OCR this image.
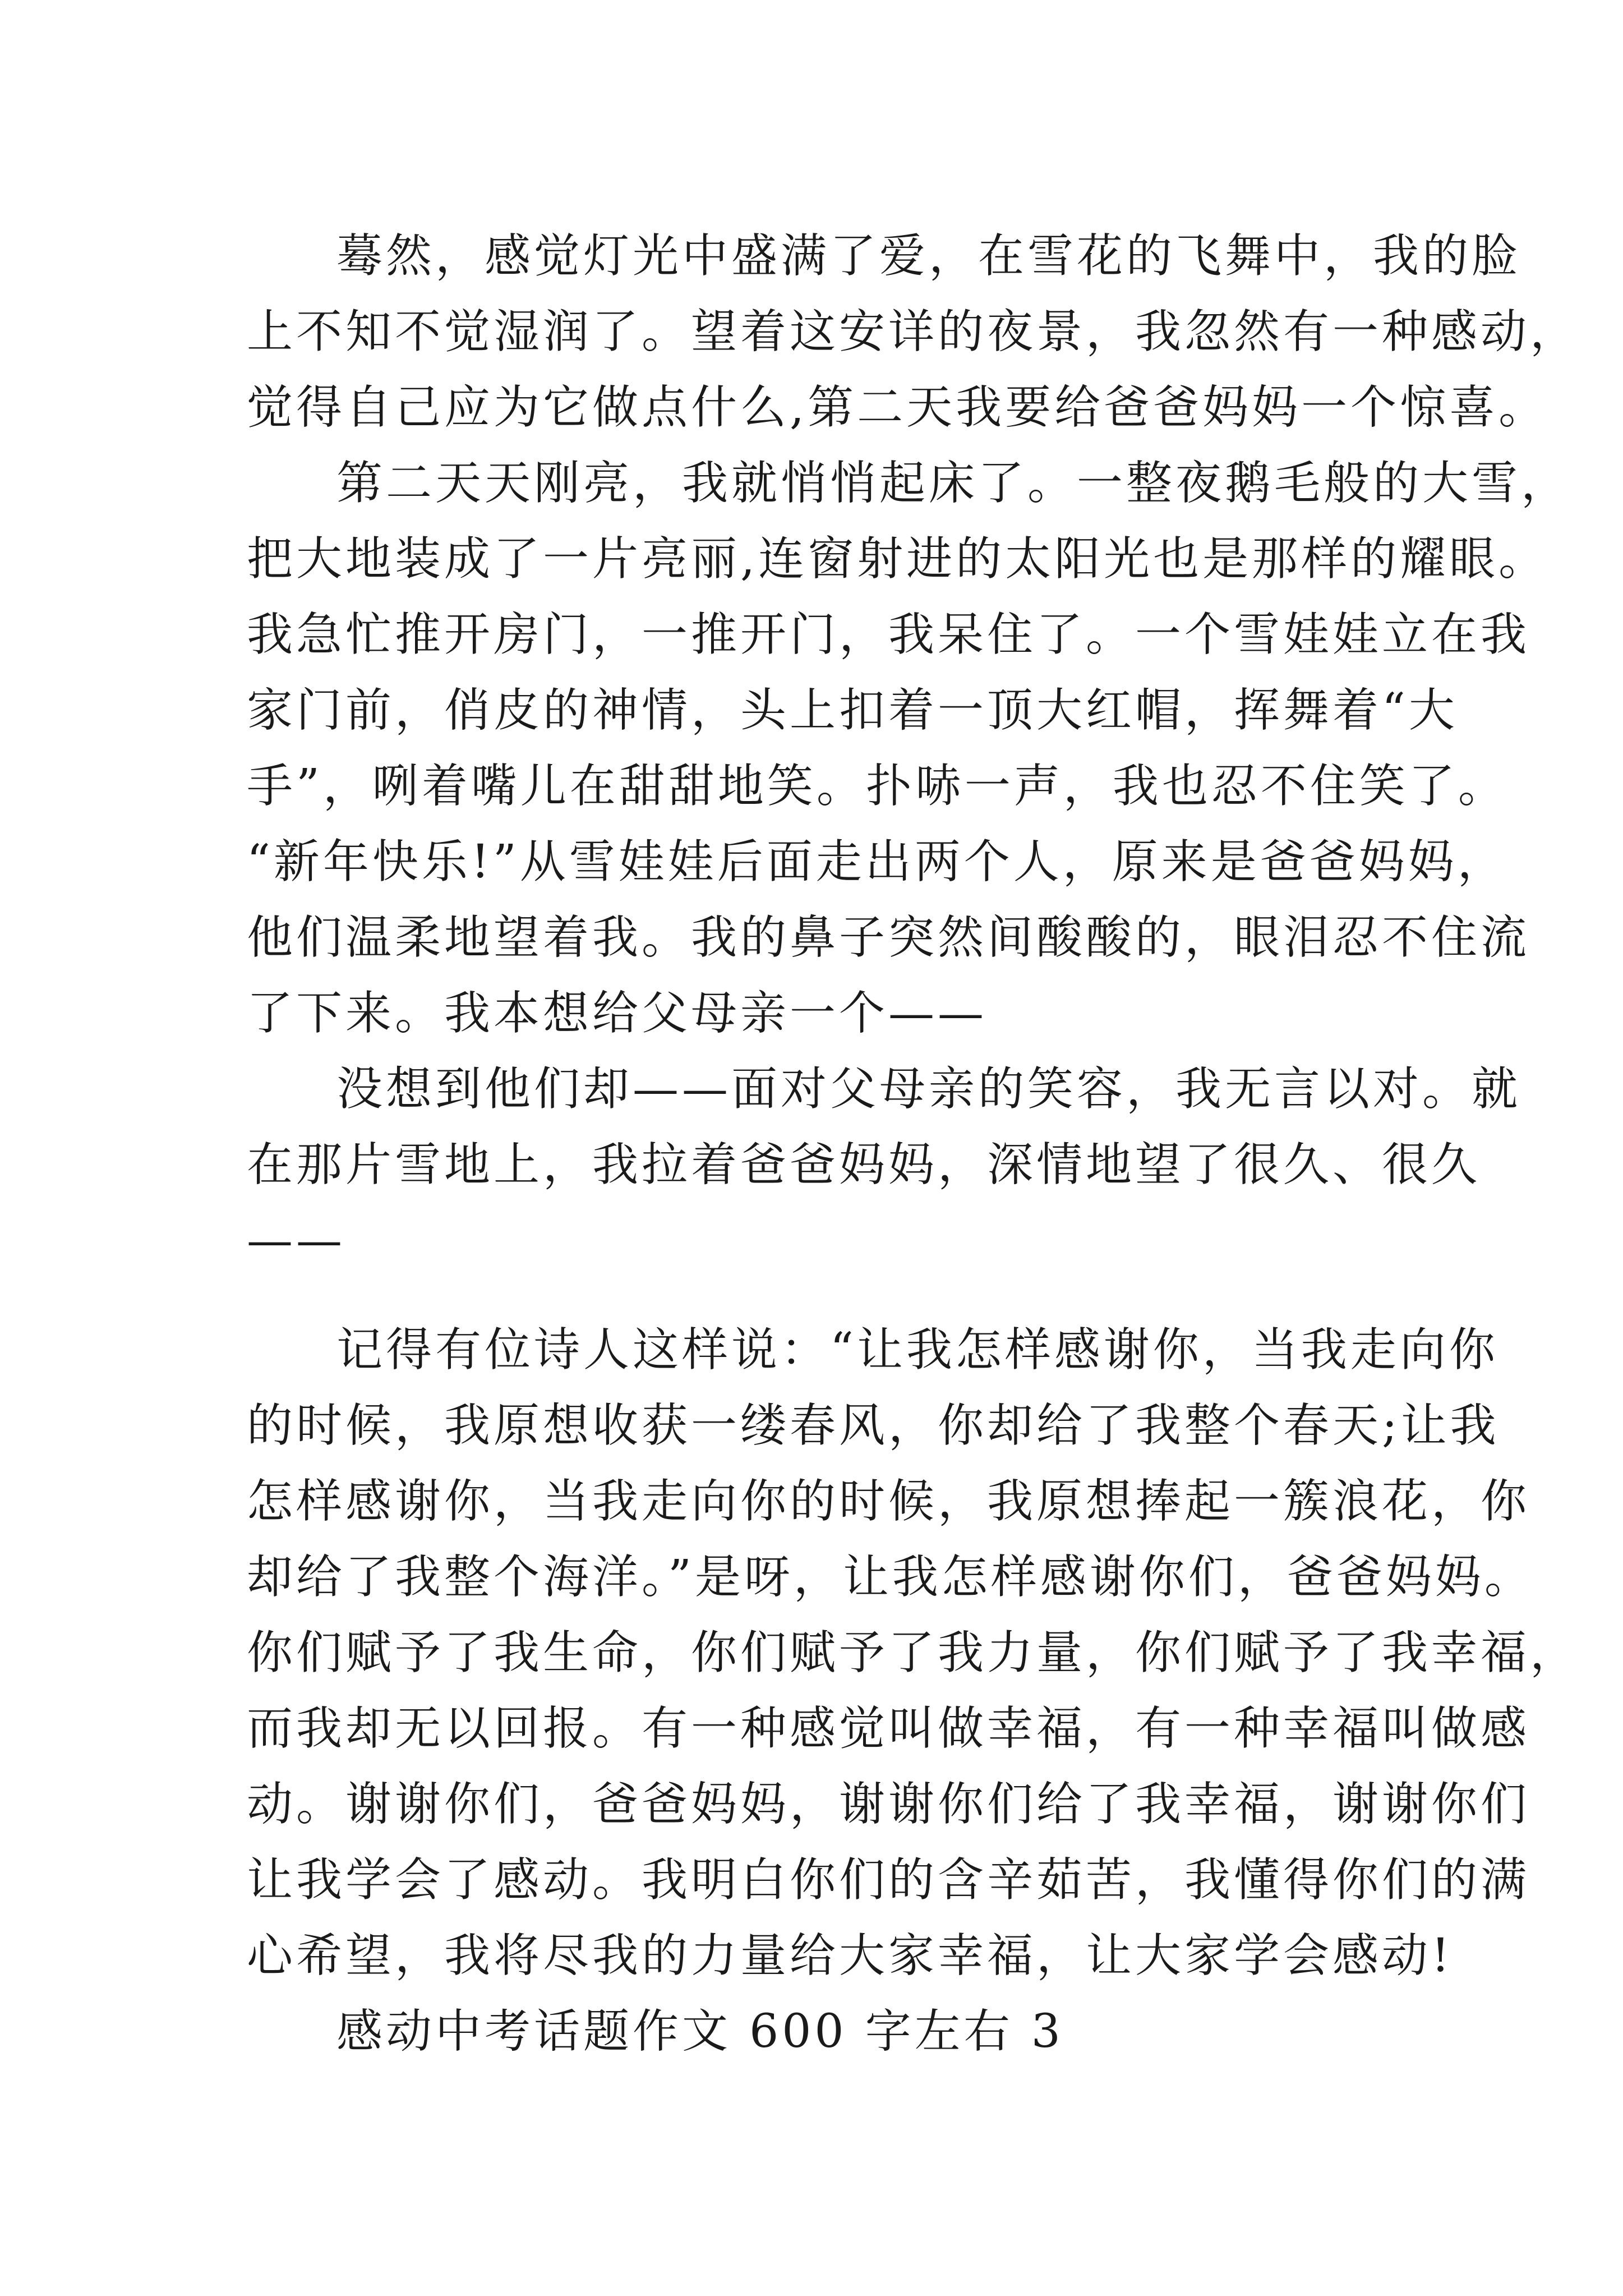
蓦然，感觉灯光中盛满了爱，在雪花的飞舞中，我的脸
上不知不觉湿润了。望着这安详的夜景，我忽然有一种感动，
觉得自己应为它做点什么,第二天我要给爸爸妈妈一个惊喜。
第二天天刚亮，我就悄悄起床了。一整夜鹅毛般的大雪，
把大地装成了一片亮丽,连窗射进的太阳光也是那样的耀眼。
我急忙推开房门，一推开门，我呆住了。一个雪娃娃立在我
家门前，俏皮的神情，头上扣着一顶大红帽，挥舞着“大
手”，咧着嘴儿在甜甜地笑。扑哧一声，我也忍不住笑了。
“新年快乐!”从雪娃娃后面走出两个人，原来是爸爸妈妈，
他们温柔地望着我。我的鼻子突然间酸酸的，眼泪忍不住流
了下来。我本想给父母亲一个——
没想到他们却——面对父母亲的笑容，我无言以对。就
在那片雪地上，我拉着爸爸妈妈，深情地望了很久、很久
——
记得有位诗人这样说：“让我怎样感谢你，当我走向你
的时候，我原想收获一缕春风，你却给了我整个春天;让我
怎样感谢你，当我走向你的时候，我原想捧起一簇浪花，你
却给了我整个海洋。”是呀，让我怎样感谢你们，爸爸妈妈。
你们赋予了我生命，你们赋予了我力量，你们赋予了我幸福，
而我却无以回报。有一种感觉叫做幸福，有一种幸福叫做感
动。谢谢你们，爸爸妈妈，谢谢你们给了我幸福，谢谢你们
让我学会了感动。我明白你们的含辛茹苦，我懂得你们的满
心希望，我将尽我的力量给大家幸福，让大家学会感动!
感动中考话题作文 600 字左右 3
